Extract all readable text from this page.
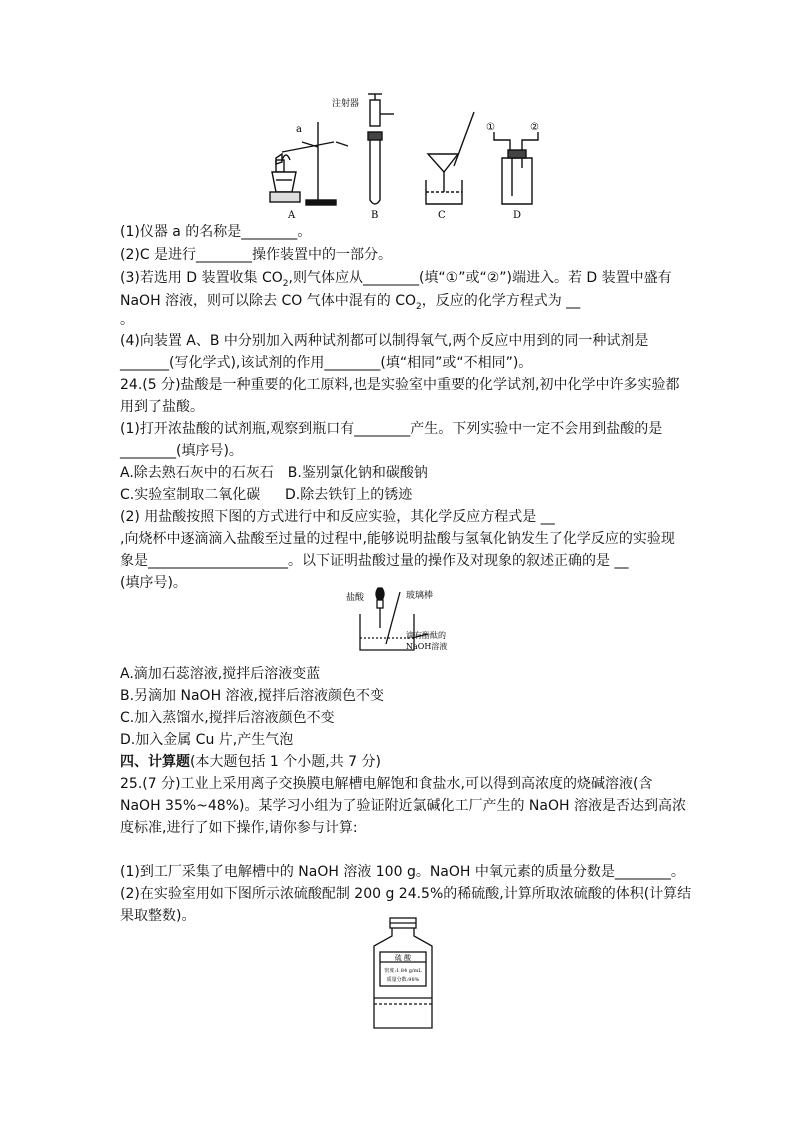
a
注射器
①	②
A	B	C	D
(1)仪器 a 的名称是________。
(2)C 是进行________操作装置中的一部分。
(3)若选用 D 装置收集 $CO_2$,则气体应从________(填“①”或“②”)端进入。若 D 装置中盛有
NaOH 溶液，则可以除去 CO 气体中混有的 $CO_2$，反应的化学方程式为 __
。
(4)向装置 A、B 中分别加入两种试剂都可以制得氧气,两个反应中用到的同一种试剂是
_______(写化学式),该试剂的作用________(填“相同”或“不相同”)。
24.(5 分)盐酸是一种重要的化工原料,也是实验室中重要的化学试剂,初中化学中许多实验都
用到了盐酸。
(1)打开浓盐酸的试剂瓶,观察到瓶口有________产生。下列实验中一定不会用到盐酸的是
________(填序号)。
A.除去熟石灰中的石灰石 B.鉴别氯化钠和碳酸钠
C.实验室制取二氧化碳 D.除去铁钉上的锈迹
(2) 用盐酸按照下图的方式进行中和反应实验，其化学反应方程式是 __
,向烧杯中逐滴滴入盐酸至过量的过程中,能够说明盐酸与氢氧化钠发生了化学反应的实验现
象是____________________。以下证明盐酸过量的操作及对现象的叙述正确的是 __
(填序号)。
盐酸	玻璃棒
滴有酚酞的
NaOH溶液
A.滴加石蕊溶液,搅拌后溶液变蓝
B.另滴加 NaOH 溶液,搅拌后溶液颜色不变
C.加入蒸馏水,搅拌后溶液颜色不变
D.加入金属 Cu 片,产生气泡
四、计算题(本大题包括 1 个小题,共 7 分)
25.(7 分)工业上采用离子交换膜电解槽电解饱和食盐水,可以得到高浓度的烧碱溶液(含
NaOH 35%~48%)。某学习小组为了验证附近氯碱化工厂产生的 NaOH 溶液是否达到高浓
度标准,进行了如下操作,请你参与计算:
(1)到工厂采集了电解槽中的 NaOH 溶液 100 g。NaOH 中氧元素的质量分数是________。
(2)在实验室用如下图所示浓硫酸配制 200 g 24.5%的稀硫酸,计算所取浓硫酸的体积(计算结
果取整数)。
硫 酸
密度:1.84 g/mL
质量分数:98%
